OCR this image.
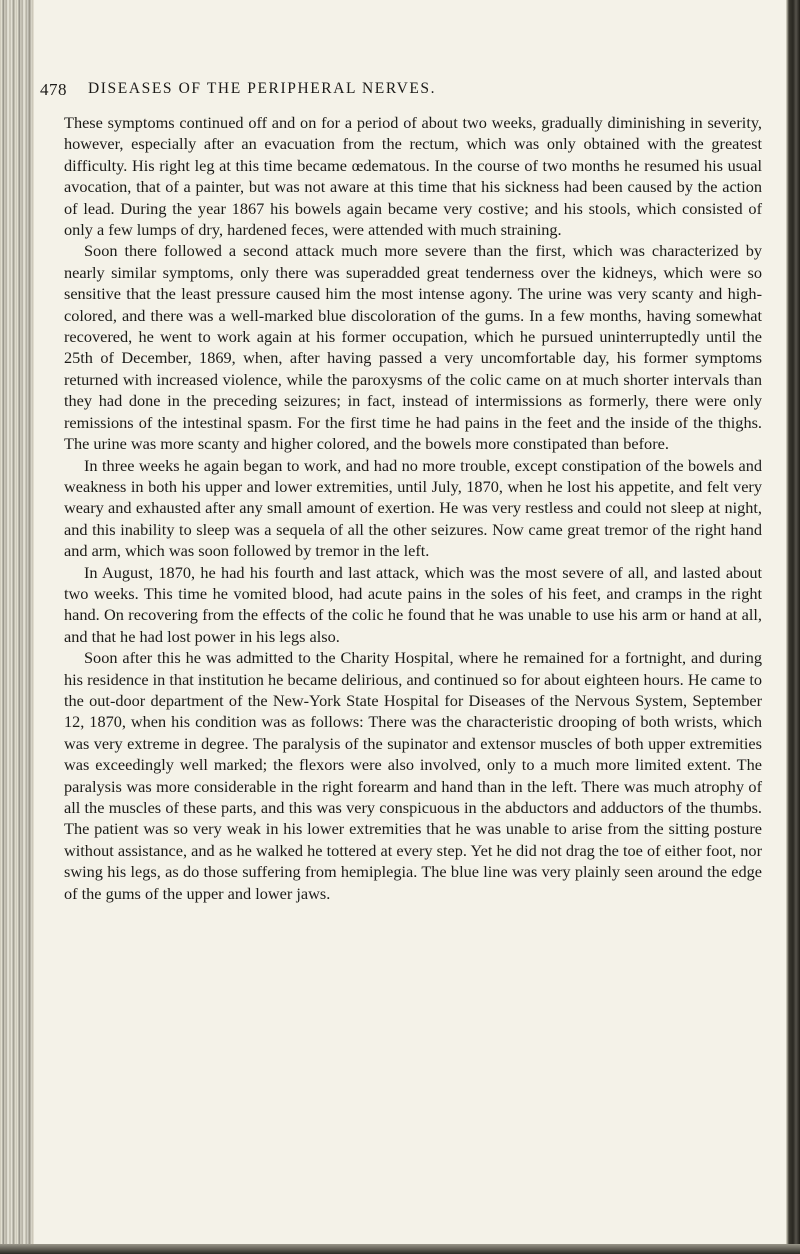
478 DISEASES OF THE PERIPHERAL NERVES.

These symptoms continued off and on for a period of about two weeks, gradually diminishing in severity, however, especially after an evacuation from the rectum, which was only obtained with the greatest difficulty. His right leg at this time became œdematous. In the course of two months he resumed his usual avocation, that of a painter, but was not aware at this time that his sickness had been caused by the action of lead. During the year 1867 his bowels again became very costive; and his stools, which consisted of only a few lumps of dry, hardened feces, were attended with much straining.

Soon there followed a second attack much more severe than the first, which was characterized by nearly similar symptoms, only there was superadded great tenderness over the kidneys, which were so sensitive that the least pressure caused him the most intense agony. The urine was very scanty and high-colored, and there was a well-marked blue discoloration of the gums. In a few months, having somewhat recovered, he went to work again at his former occupation, which he pursued uninterruptedly until the 25th of December, 1869, when, after having passed a very uncomfortable day, his former symptoms returned with increased violence, while the paroxysms of the colic came on at much shorter intervals than they had done in the preceding seizures; in fact, instead of intermissions as formerly, there were only remissions of the intestinal spasm. For the first time he had pains in the feet and the inside of the thighs. The urine was more scanty and higher colored, and the bowels more constipated than before.

In three weeks he again began to work, and had no more trouble, except constipation of the bowels and weakness in both his upper and lower extremities, until July, 1870, when he lost his appetite, and felt very weary and exhausted after any small amount of exertion. He was very restless and could not sleep at night, and this inability to sleep was a sequela of all the other seizures. Now came great tremor of the right hand and arm, which was soon followed by tremor in the left.

In August, 1870, he had his fourth and last attack, which was the most severe of all, and lasted about two weeks. This time he vomited blood, had acute pains in the soles of his feet, and cramps in the right hand. On recovering from the effects of the colic he found that he was unable to use his arm or hand at all, and that he had lost power in his legs also.

Soon after this he was admitted to the Charity Hospital, where he remained for a fortnight, and during his residence in that institution he became delirious, and continued so for about eighteen hours. He came to the out-door department of the New-York State Hospital for Diseases of the Nervous System, September 12, 1870, when his condition was as follows: There was the characteristic drooping of both wrists, which was very extreme in degree. The paralysis of the supinator and extensor muscles of both upper extremities was exceedingly well marked; the flexors were also involved, only to a much more limited extent. The paralysis was more considerable in the right forearm and hand than in the left. There was much atrophy of all the muscles of these parts, and this was very conspicuous in the abductors and adductors of the thumbs. The patient was so very weak in his lower extremities that he was unable to arise from the sitting posture without assistance, and as he walked he tottered at every step. Yet he did not drag the toe of either foot, nor swing his legs, as do those suffering from hemiplegia. The blue line was very plainly seen around the edge of the gums of the upper and lower jaws.
